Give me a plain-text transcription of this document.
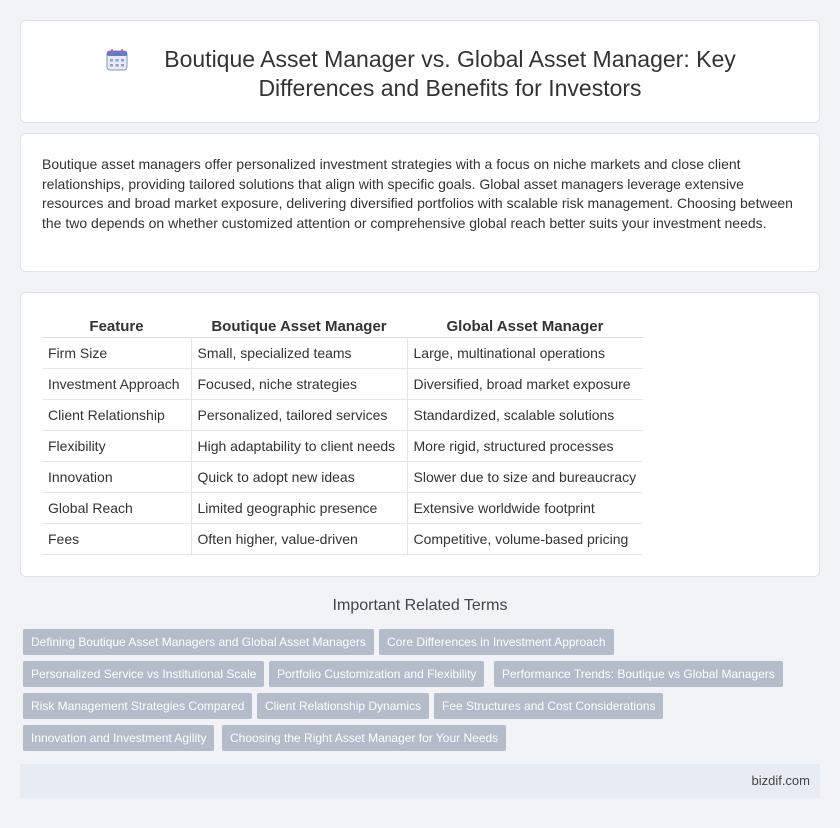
Boutique Asset Manager vs. Global Asset Manager: Key Differences and Benefits for Investors

Boutique asset managers offer personalized investment strategies with a focus on niche markets and close client relationships, providing tailored solutions that align with specific goals. Global asset managers leverage extensive resources and broad market exposure, delivering diversified portfolios with scalable risk management. Choosing between the two depends on whether customized attention or comprehensive global reach better suits your investment needs.

Feature	Boutique Asset Manager	Global Asset Manager
Firm Size	Small, specialized teams	Large, multinational operations
Investment Approach	Focused, niche strategies	Diversified, broad market exposure
Client Relationship	Personalized, tailored services	Standardized, scalable solutions
Flexibility	High adaptability to client needs	More rigid, structured processes
Innovation	Quick to adopt new ideas	Slower due to size and bureaucracy
Global Reach	Limited geographic presence	Extensive worldwide footprint
Fees	Often higher, value-driven	Competitive, volume-based pricing
Important Related Terms
Defining Boutique Asset Managers and Global Asset Managers	Core Differences in Investment Approach
Personalized Service vs Institutional Scale	Portfolio Customization and Flexibility	Performance Trends: Boutique vs Global Managers
Risk Management Strategies Compared	Client Relationship Dynamics	Fee Structures and Cost Considerations
Innovation and Investment Agility	Choosing the Right Asset Manager for Your Needs
bizdif.com
